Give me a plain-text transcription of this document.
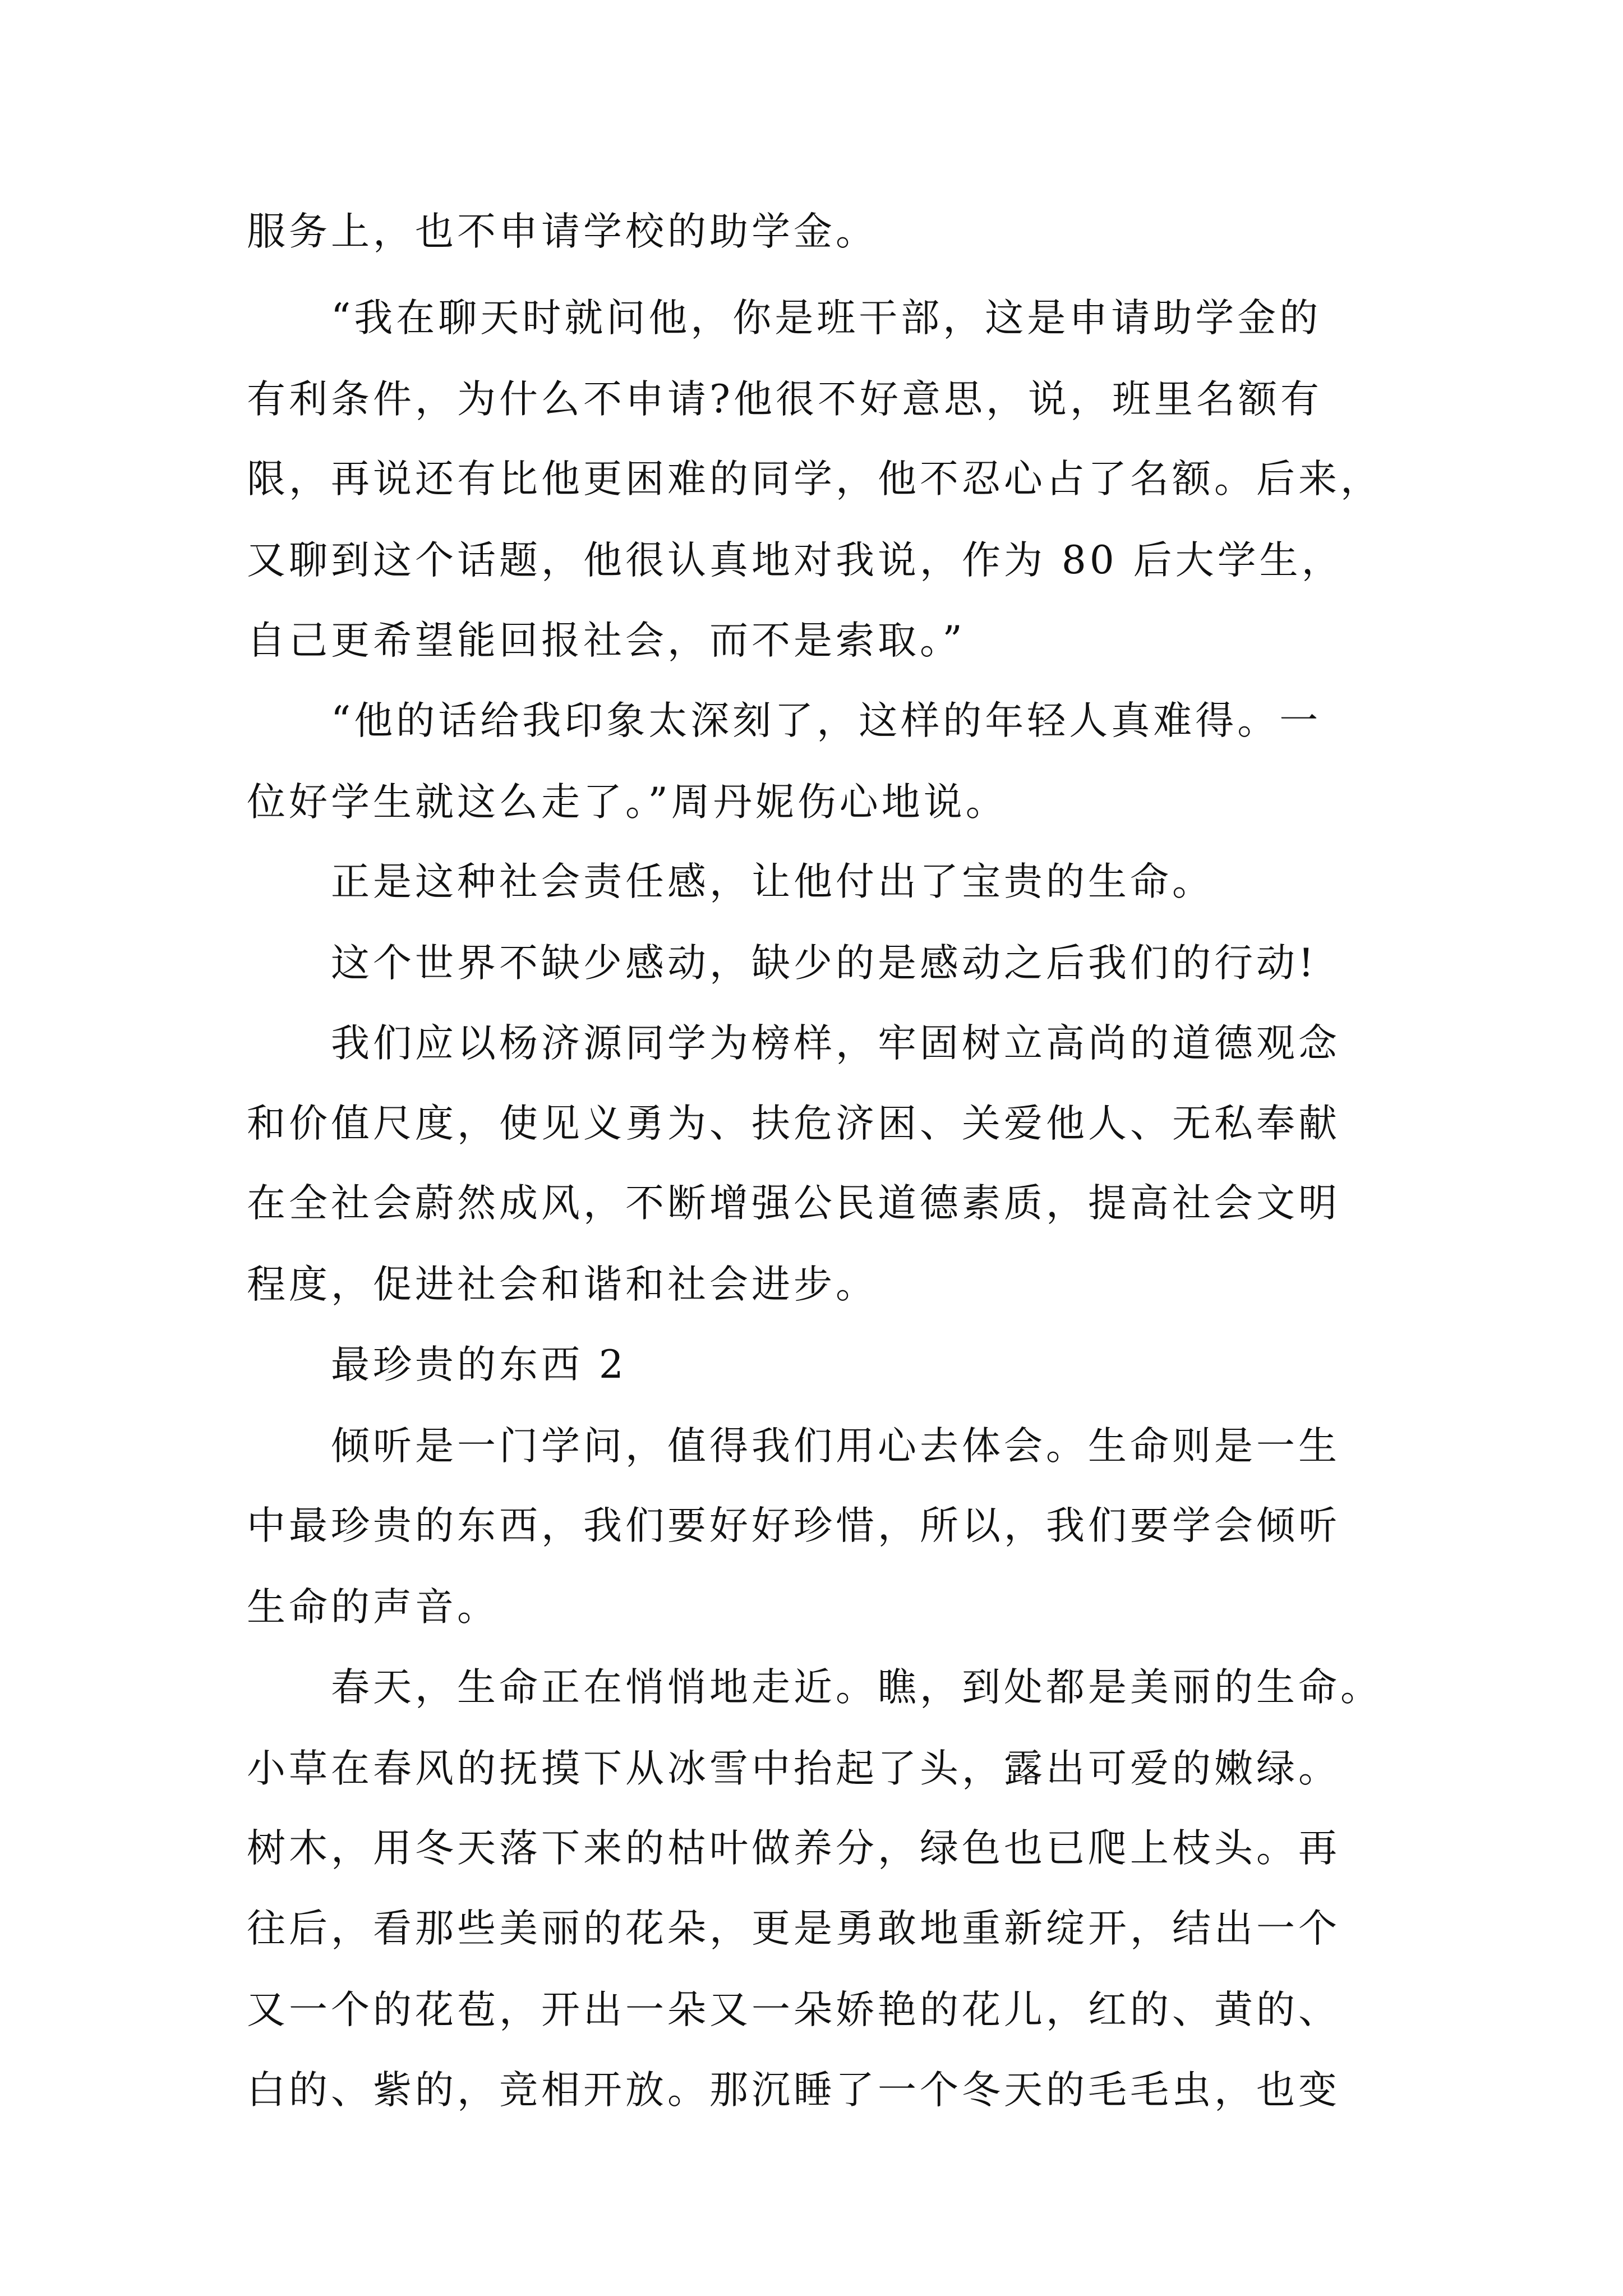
服务上，也不申请学校的助学金。

“我在聊天时就问他，你是班干部，这是申请助学金的

有利条件，为什么不申请?他很不好意思，说，班里名额有

限，再说还有比他更困难的同学，他不忍心占了名额。后来，

又聊到这个话题，他很认真地对我说，作为 80 后大学生，

自己更希望能回报社会，而不是索取。”

“他的话给我印象太深刻了，这样的年轻人真难得。一

位好学生就这么走了。”周丹妮伤心地说。

正是这种社会责任感，让他付出了宝贵的生命。

这个世界不缺少感动，缺少的是感动之后我们的行动!

我们应以杨济源同学为榜样，牢固树立高尚的道德观念

和价值尺度，使见义勇为、扶危济困、关爱他人、无私奉献

在全社会蔚然成风，不断增强公民道德素质，提高社会文明

程度，促进社会和谐和社会进步。

最珍贵的东西 2

倾听是一门学问，值得我们用心去体会。生命则是一生

中最珍贵的东西，我们要好好珍惜，所以，我们要学会倾听

生命的声音。

春天，生命正在悄悄地走近。瞧，到处都是美丽的生命。

小草在春风的抚摸下从冰雪中抬起了头，露出可爱的嫩绿。

树木，用冬天落下来的枯叶做养分，绿色也已爬上枝头。再

往后，看那些美丽的花朵，更是勇敢地重新绽开，结出一个

又一个的花苞，开出一朵又一朵娇艳的花儿，红的、黄的、

白的、紫的，竞相开放。那沉睡了一个冬天的毛毛虫，也变
